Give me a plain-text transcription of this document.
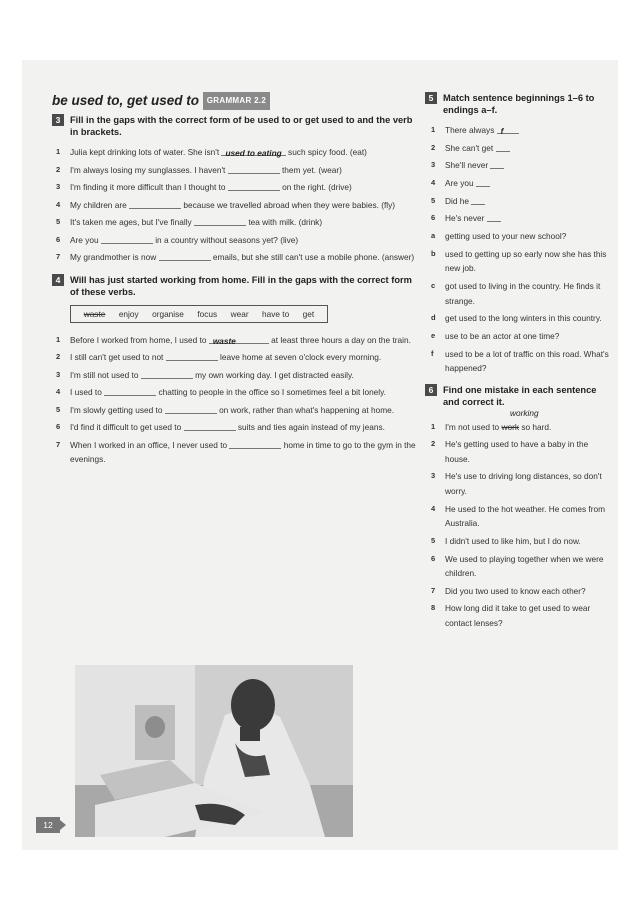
be used to, get used to GRAMMAR 2.2
3	Fill in the gaps with the correct form of be used to or get used to and the verb in brackets.
1 Julia kept drinking lots of water. She isn't used to eating such spicy food. (eat)
2 I'm always losing my sunglasses. I haven't	them yet. (wear)
3 I'm finding it more difficult than I thought to	on the right. (drive)
4 My children are	because we travelled abroad when they were babies. (fly)
5 It's taken me ages, but I've finally	tea with milk. (drink)
6 Are you	in a country without seasons yet? (live)
7 My grandmother is now	emails, but she still can't use a mobile phone. (answer)
4	Will has just started working from home. Fill in the gaps with the correct form of these verbs.
waste enjoy organise focus wear have to get
1 Before I worked from home, I used to waste	at least three hours a day on the train.
2 I still can't get used to not	leave home at seven o'clock every morning.
3 I'm still not used to	my own working day. I get distracted easily.
4 I used to	chatting to people in the office so I sometimes feel a bit lonely.
5 I'm slowly getting used to	on work, rather than what's happening at home.
6 I'd find it difficult to get used to	suits and ties again instead of my jeans.
7 When I worked in an office, I never used to	home in time to go to the gym in the evenings.
5	Match sentence beginnings 1–6 to endings a–f.
1 There always f
2 She can't get
3 She'll never
4 Are you
5 Did he
6 He's never
a getting used to your new school?
b used to getting up so early now she has this new job.
c got used to living in the country. He finds it strange.
d get used to the long winters in this country.
e use to be an actor at one time?
f used to be a lot of traffic on this road. What's happened?
6	Find one mistake in each sentence and correct it.
working
1 I'm not used to work so hard.
2 He's getting used to have a baby in the house.
3 He's use to driving long distances, so don't worry.
4 He used to the hot weather. He comes from Australia.
5 I didn't used to like him, but I do now.
6 We used to playing together when we were children.
7 Did you two used to know each other?
8 How long did it take to get used to wear contact lenses?
12
